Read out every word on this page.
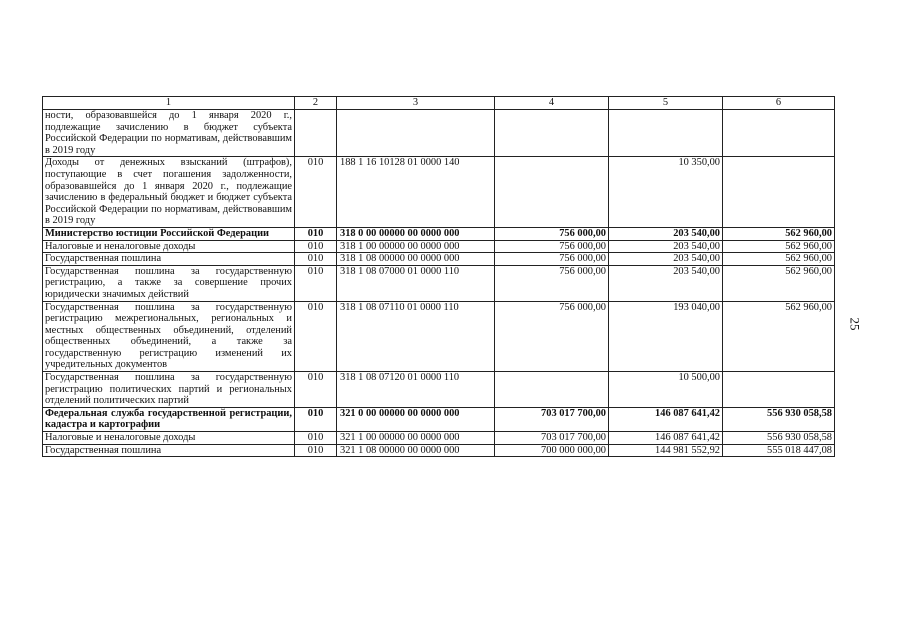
1	2	3	4	5	6
ности, образовавшейся до 1 января 2020 г., подлежащие зачислению в бюджет субъекта Российской Федерации по нормативам, действовавшим в 2019 году					
Доходы от денежных взысканий (штрафов), поступающие в счет погашения задолженности, образовавшейся до 1 января 2020 г., подлежащие зачислению в федеральный бюджет и бюджет субъекта Российской Федерации по нормативам, действовавшим в 2019 году	010	188 1 16 10128 01 0000 140		10 350,00	
Министерство юстиции Российской Федерации	010	318 0 00 00000 00 0000 000	756 000,00	203 540,00	562 960,00
Налоговые и неналоговые доходы	010	318 1 00 00000 00 0000 000	756 000,00	203 540,00	562 960,00
Государственная пошлина	010	318 1 08 00000 00 0000 000	756 000,00	203 540,00	562 960,00
Государственная пошлина за государственную регистрацию, а также за совершение прочих юридически значимых действий	010	318 1 08 07000 01 0000 110	756 000,00	203 540,00	562 960,00
Государственная пошлина за государственную регистрацию межрегиональных, региональных и местных общественных объединений, отделений общественных объединений, а также за государственную регистрацию изменений их учредительных документов	010	318 1 08 07110 01 0000 110	756 000,00	193 040,00	562 960,00
Государственная пошлина за государственную регистрацию политических партий и региональных отделений политических партий	010	318 1 08 07120 01 0000 110		10 500,00	
Федеральная служба государственной регистрации, кадастра и картографии	010	321 0 00 00000 00 0000 000	703 017 700,00	146 087 641,42	556 930 058,58
Налоговые и неналоговые доходы	010	321 1 00 00000 00 0000 000	703 017 700,00	146 087 641,42	556 930 058,58
Государственная пошлина	010	321 1 08 00000 00 0000 000	700 000 000,00	144 981 552,92	555 018 447,08
25
